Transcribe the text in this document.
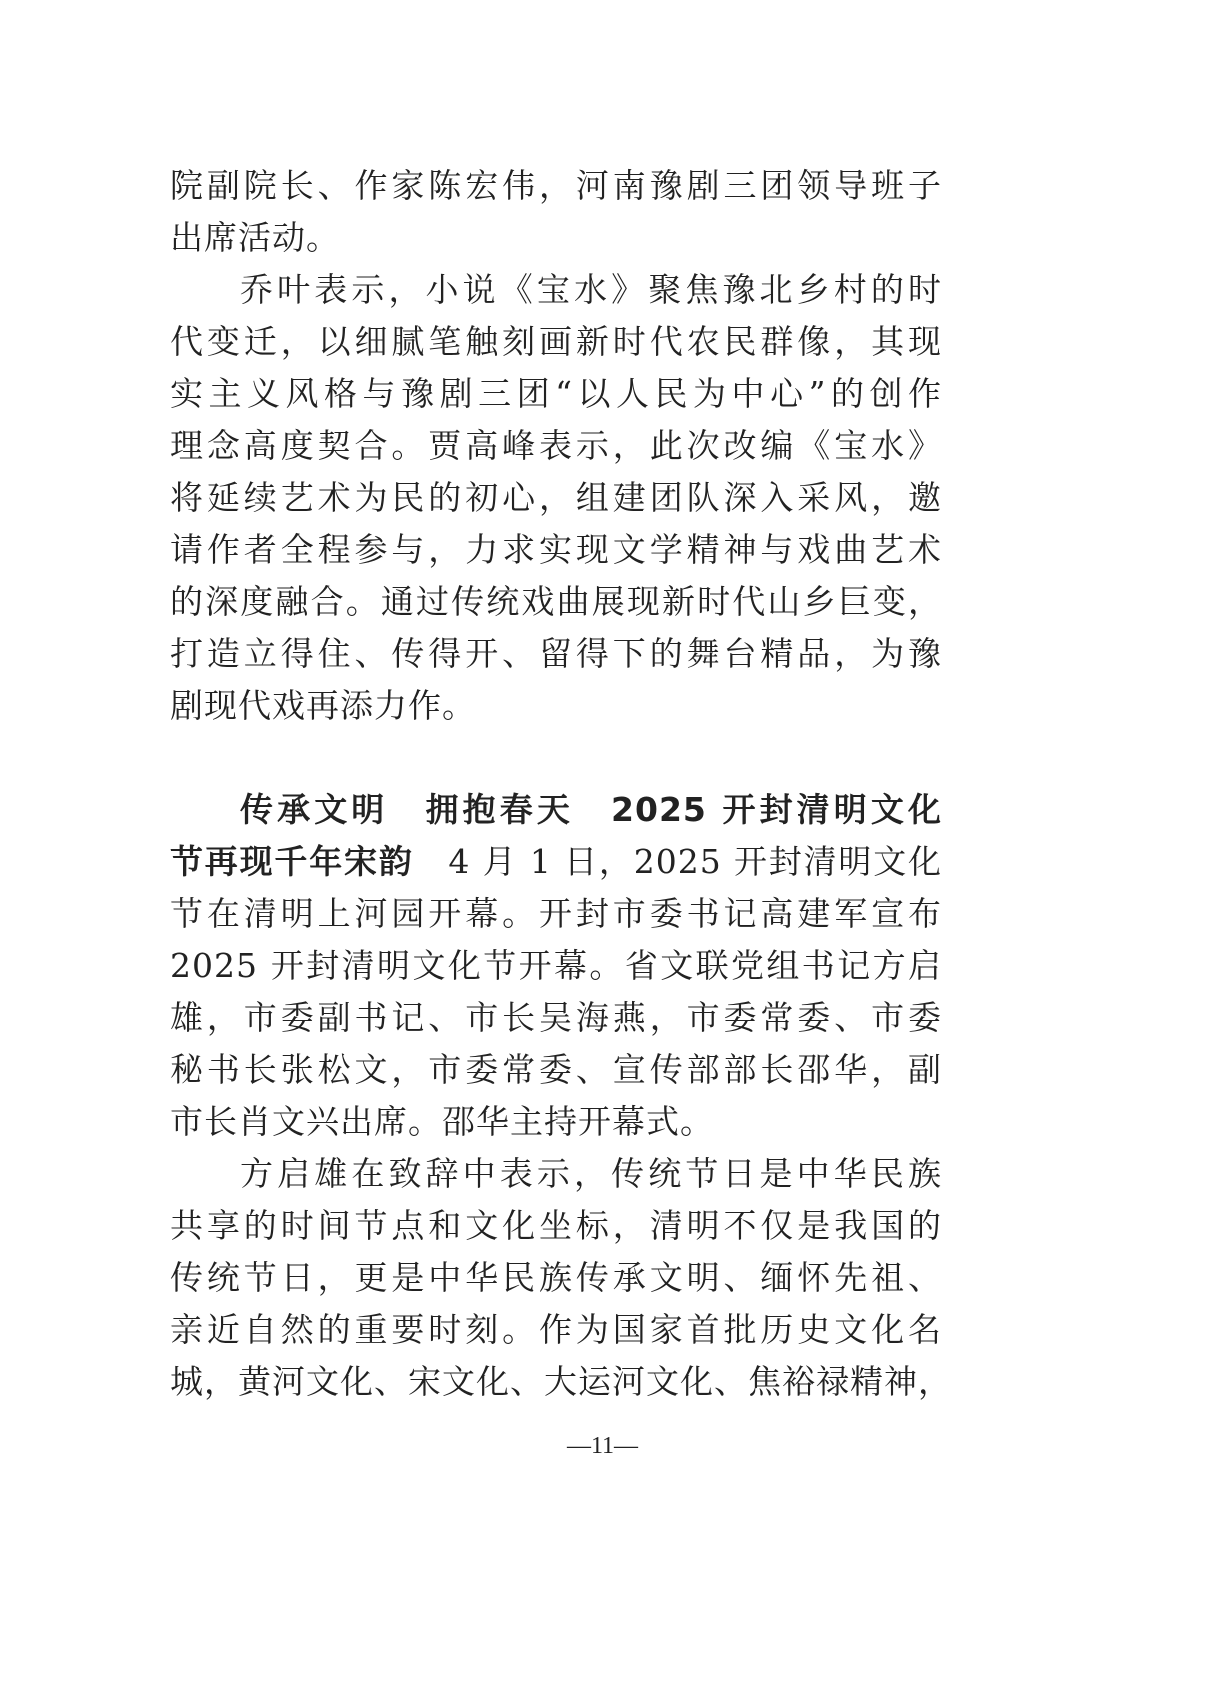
院副院长、作家陈宏伟，河南豫剧三团领导班子
出席活动。
乔叶表示，小说《宝水》聚焦豫北乡村的时
代变迁，以细腻笔触刻画新时代农民群像，其现
实主义风格与豫剧三团“以人民为中心”的创作
理念高度契合。贾高峰表示，此次改编《宝水》
将延续艺术为民的初心，组建团队深入采风，邀
请作者全程参与，力求实现文学精神与戏曲艺术
的深度融合。通过传统戏曲展现新时代山乡巨变，
打造立得住、传得开、留得下的舞台精品，为豫
剧现代戏再添力作。
传承文明　拥抱春天　2025 开封清明文化
节再现千年宋韵　4 月 1 日，2025 开封清明文化
节在清明上河园开幕。开封市委书记高建军宣布
2025 开封清明文化节开幕。省文联党组书记方启
雄，市委副书记、市长吴海燕，市委常委、市委
秘书长张松文，市委常委、宣传部部长邵华，副
市长肖文兴出席。邵华主持开幕式。
方启雄在致辞中表示，传统节日是中华民族
共享的时间节点和文化坐标，清明不仅是我国的
传统节日，更是中华民族传承文明、缅怀先祖、
亲近自然的重要时刻。作为国家首批历史文化名
城，黄河文化、宋文化、大运河文化、焦裕禄精神，
—11—
